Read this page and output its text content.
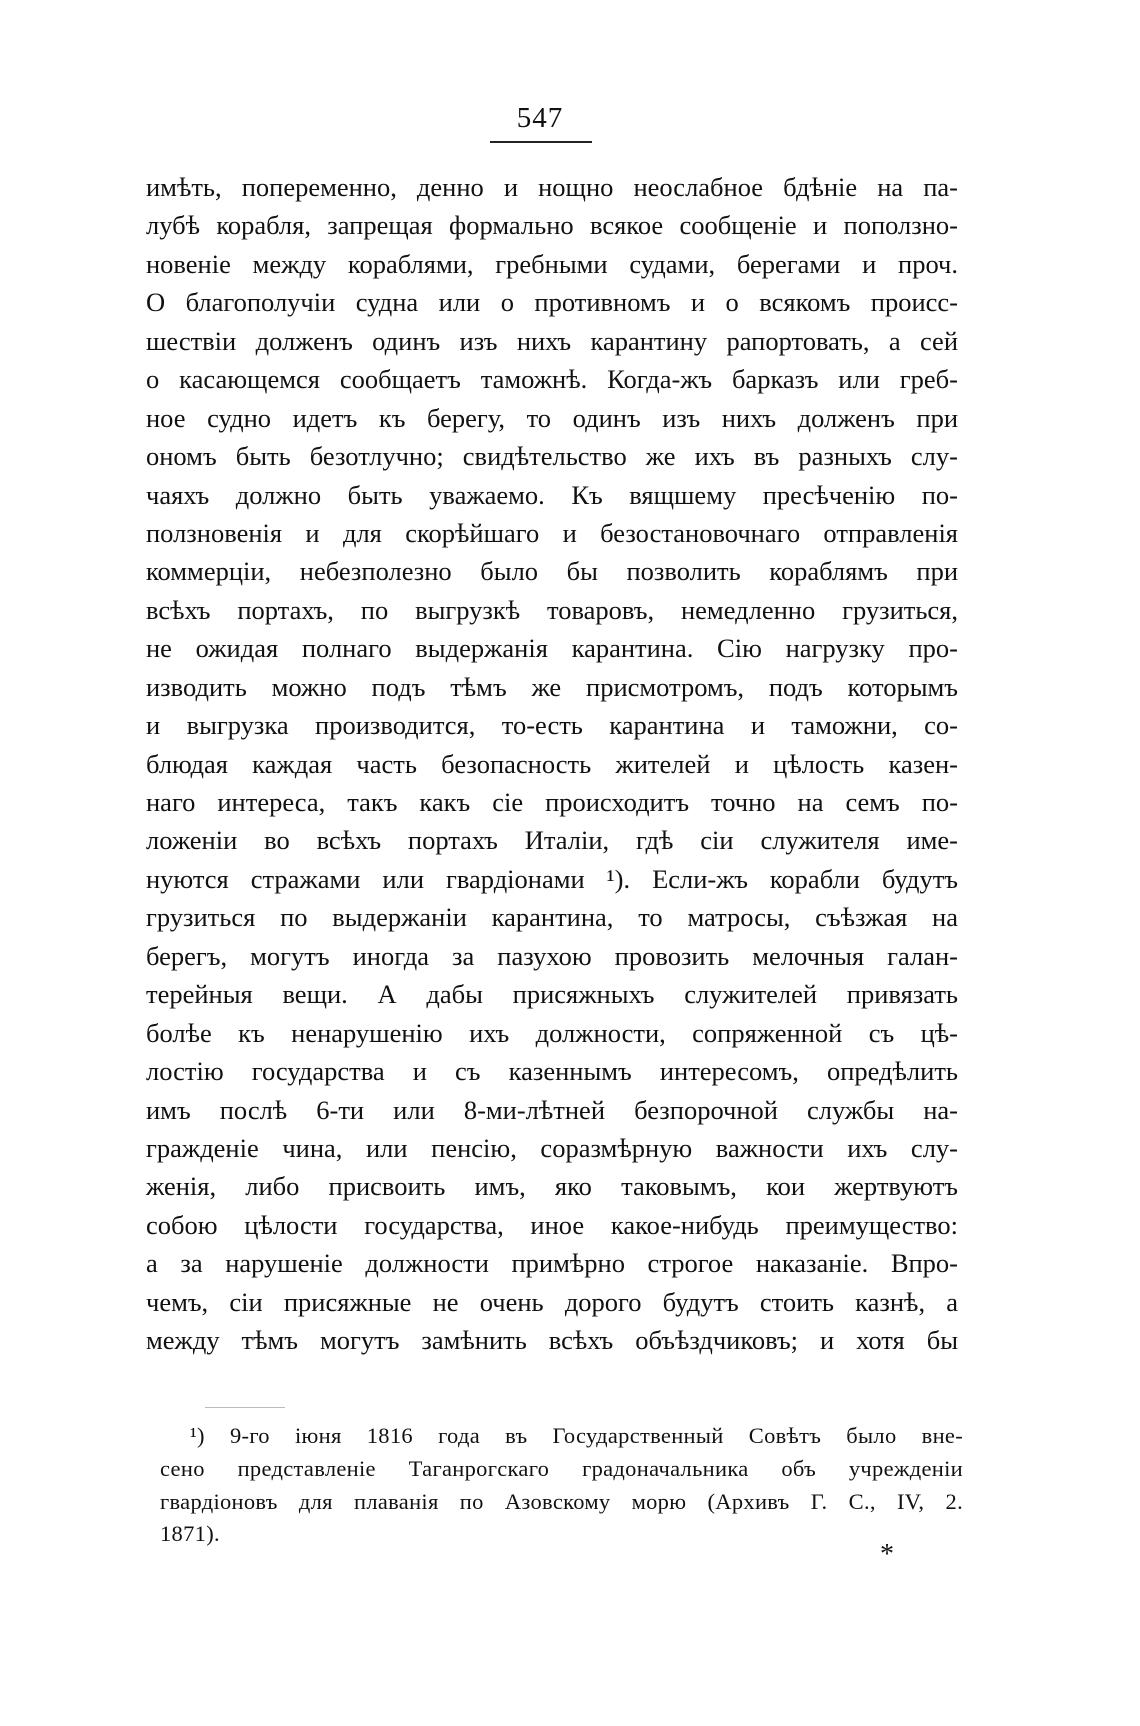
547
имѣть, попеременно, денно и нощно неослабное бдѣніе на па-
лубѣ корабля, запрещая формально всякое сообщеніе и поползно-
новеніе между кораблями, гребными судами, берегами и проч.
О благополучіи судна или о противномъ и о всякомъ происс-
шествіи долженъ одинъ изъ нихъ карантину рапортовать, а сей
о касающемся сообщаетъ таможнѣ. Когда-жъ барказъ или греб-
ное судно идетъ къ берегу, то одинъ изъ нихъ долженъ при
ономъ быть безотлучно; свидѣтельство же ихъ въ разныхъ слу-
чаяхъ должно быть уважаемо. Къ вящшему пресѣченію по-
ползновенія и для скорѣйшаго и безостановочнаго отправленія
коммерціи, небезполезно было бы позволить кораблямъ при
всѣхъ портахъ, по выгрузкѣ товаровъ, немедленно грузиться,
не ожидая полнаго выдержанія карантина. Сію нагрузку про-
изводить можно подъ тѣмъ же присмотромъ, подъ которымъ
и выгрузка производится, то-есть карантина и таможни, со-
блюдая каждая часть безопасность жителей и цѣлость казен-
наго интереса, такъ какъ сіе происходитъ точно на семъ по-
ложеніи во всѣхъ портахъ Италіи, гдѣ сіи служителя име-
нуются стражами или гвардіонами ¹). Если-жъ корабли будутъ
грузиться по выдержаніи карантина, то матросы, съѣзжая на
берегъ, могутъ иногда за пазухою провозить мелочныя галан-
терейныя вещи. А дабы присяжныхъ служителей привязать
болѣе къ ненарушенію ихъ должности, сопряженной съ цѣ-
лостію государства и съ казеннымъ интересомъ, опредѣлить
имъ послѣ 6-ти или 8-ми-лѣтней безпорочной службы на-
гражденіе чина, или пенсію, соразмѣрную важности ихъ слу-
женія, либо присвоить имъ, яко таковымъ, кои жертвуютъ
собою цѣлости государства, иное какое-нибудь преимущество:
а за нарушеніе должности примѣрно строгое наказаніе. Впро-
чемъ, сіи присяжные не очень дорого будутъ стоить казнѣ, а
между тѣмъ могутъ замѣнить всѣхъ объѣздчиковъ; и хотя бы
¹) 9-го іюня 1816 года въ Государственный Совѣтъ было вне-
сено представленіе Таганрогскаго градоначальника объ учрежденіи
гвардіоновъ для плаванія по Азовскому морю (Архивъ Г. С., IV, 2.
1871).
*
